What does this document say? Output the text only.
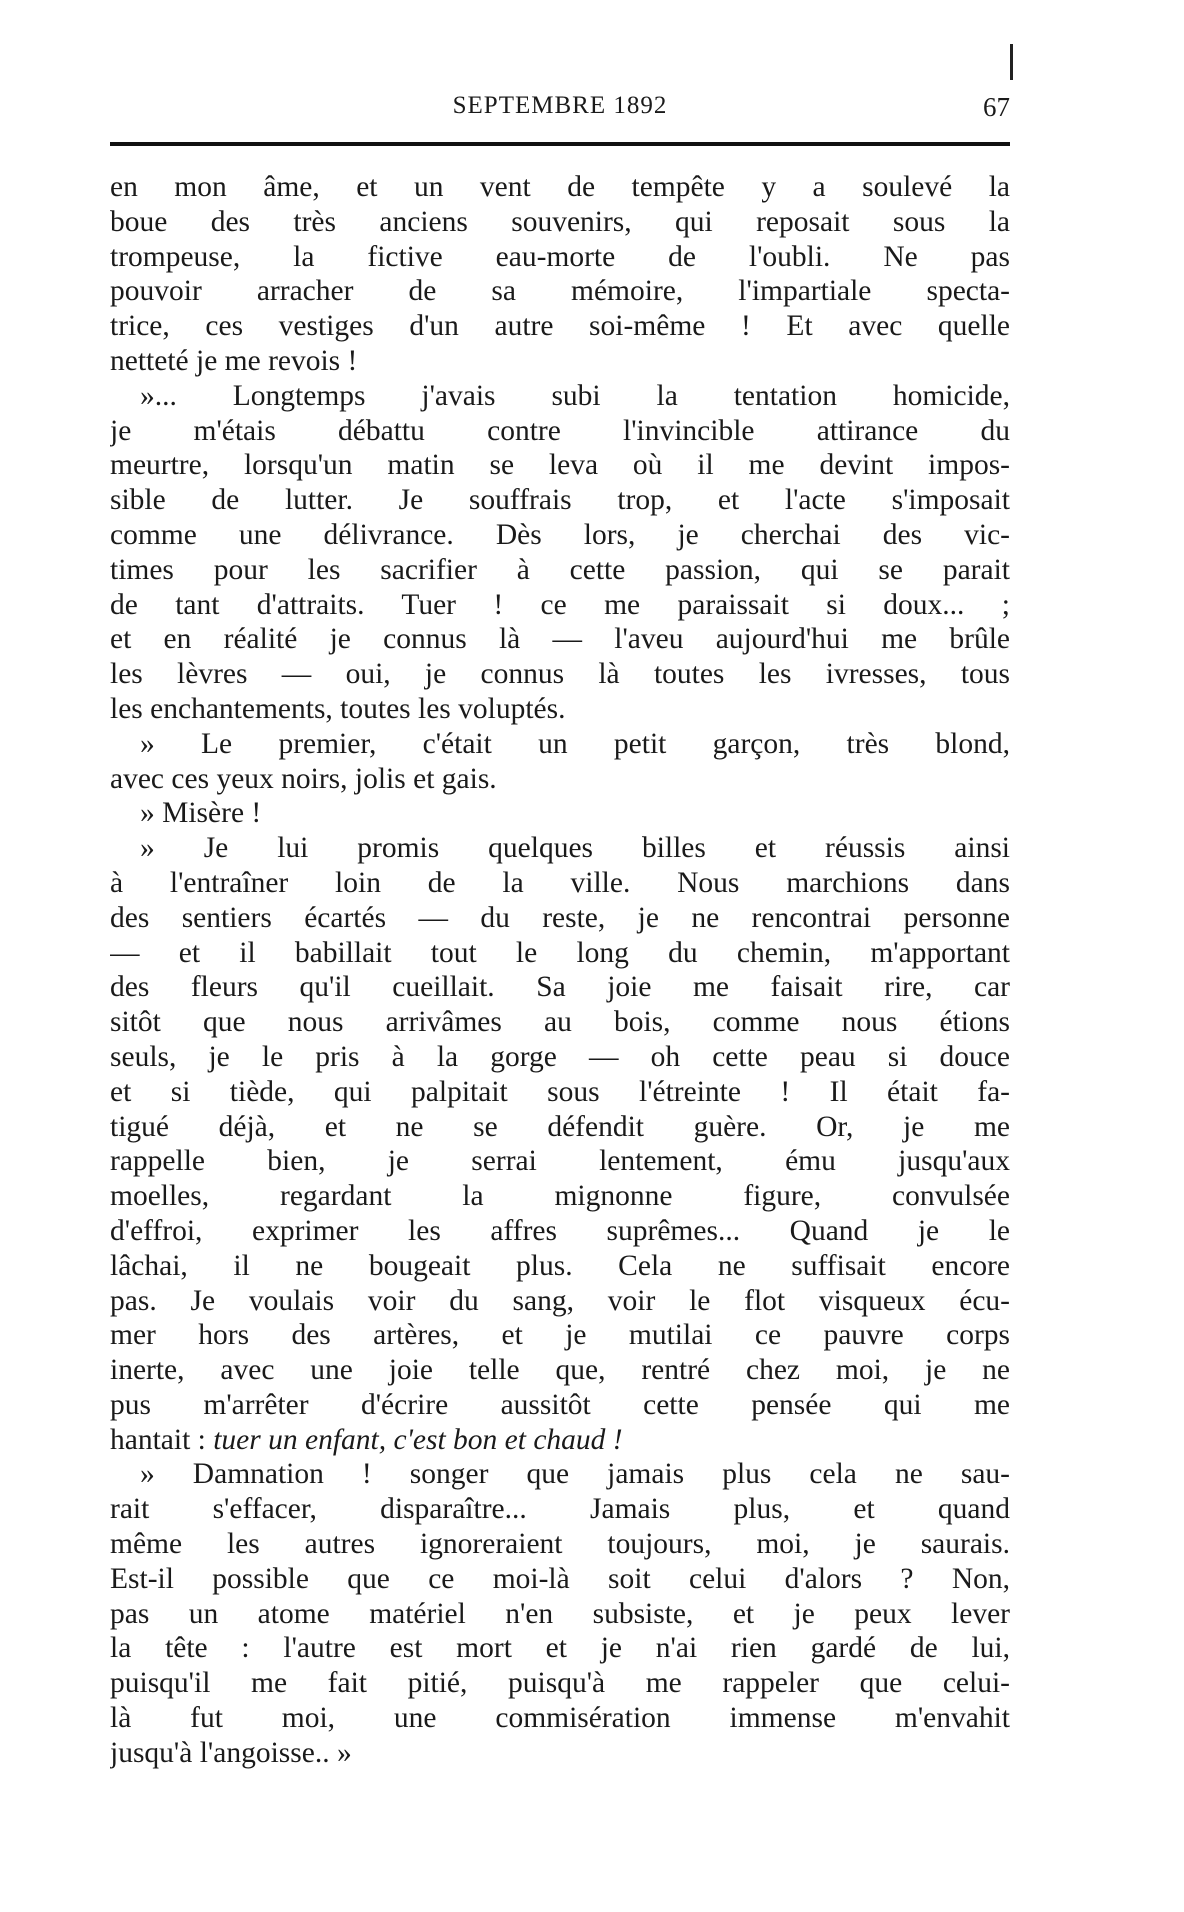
SEPTEMBRE 1892	67
en mon âme, et un vent de tempête y a soulevé la
boue des très anciens souvenirs, qui reposait sous la
trompeuse, la fictive eau-morte de l'oubli. Ne pas
pouvoir arracher de sa mémoire, l'impartiale specta-
trice, ces vestiges d'un autre soi-même ! Et avec quelle
netteté je me revois !
»... Longtemps j'avais subi la tentation homicide,
je m'étais débattu contre l'invincible attirance du
meurtre, lorsqu'un matin se leva où il me devint impos-
sible de lutter. Je souffrais trop, et l'acte s'imposait
comme une délivrance. Dès lors, je cherchai des vic-
times pour les sacrifier à cette passion, qui se parait
de tant d'attraits. Tuer ! ce me paraissait si doux... ;
et en réalité je connus là — l'aveu aujourd'hui me brûle
les lèvres — oui, je connus là toutes les ivresses, tous
les enchantements, toutes les voluptés.
» Le premier, c'était un petit garçon, très blond,
avec ces yeux noirs, jolis et gais.
» Misère !
» Je lui promis quelques billes et réussis ainsi
à l'entraîner loin de la ville. Nous marchions dans
des sentiers écartés — du reste, je ne rencontrai personne
— et il babillait tout le long du chemin, m'apportant
des fleurs qu'il cueillait. Sa joie me faisait rire, car
sitôt que nous arrivâmes au bois, comme nous étions
seuls, je le pris à la gorge — oh cette peau si douce
et si tiède, qui palpitait sous l'étreinte ! Il était fa-
tigué déjà, et ne se défendit guère. Or, je me
rappelle bien, je serrai lentement, ému jusqu'aux
moelles, regardant la mignonne figure, convulsée
d'effroi, exprimer les affres suprêmes... Quand je le
lâchai, il ne bougeait plus. Cela ne suffisait encore
pas. Je voulais voir du sang, voir le flot visqueux écu-
mer hors des artères, et je mutilai ce pauvre corps
inerte, avec une joie telle que, rentré chez moi, je ne
pus m'arrêter d'écrire aussitôt cette pensée qui me
hantait : tuer un enfant, c'est bon et chaud !
» Damnation ! songer que jamais plus cela ne sau-
rait s'effacer, disparaître... Jamais plus, et quand
même les autres ignoreraient toujours, moi, je saurais.
Est-il possible que ce moi-là soit celui d'alors ? Non,
pas un atome matériel n'en subsiste, et je peux lever
la tête : l'autre est mort et je n'ai rien gardé de lui,
puisqu'il me fait pitié, puisqu'à me rappeler que celui-
là fut moi, une commisération immense m'envahit
jusqu'à l'angoisse.. »
